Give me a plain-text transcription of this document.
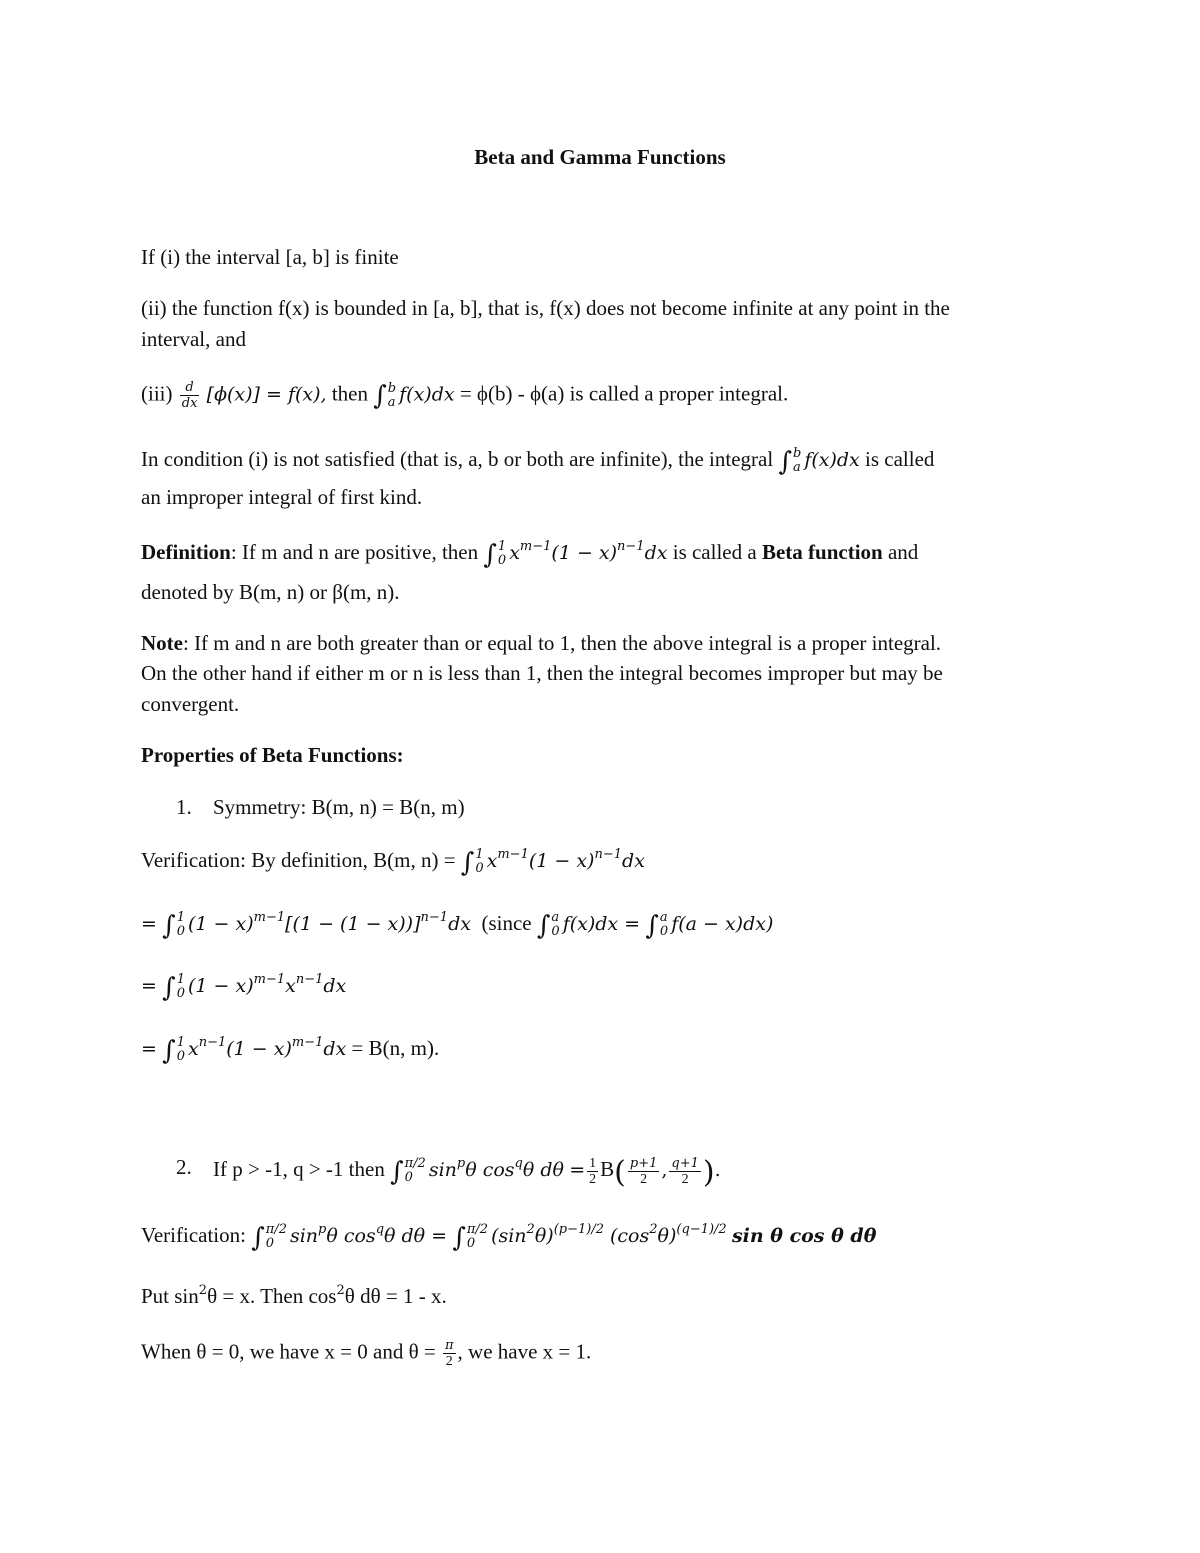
Beta and Gamma Functions
If (i) the interval [a, b] is finite
(ii) the function f(x) is bounded in [a, b], that is, f(x) does not become infinite at any point in the
interval, and
$(iii) \frac{d}{dx} [\phi(x)] = f(x)$, then ∫ b
a f(x)dx = ϕ(b) - ϕ(a) is called a proper integral.
In condition (i) is not satisfied (that is, a, b or both are infinite), the integral ∫ b
a f(x)dx is called
an improper integral of first kind.
Definition: If m and n are positive, then ∫ 1
0 $x^{m-1}(1 - x)^{n-1}dx$ is called a Beta function and
denoted by B(m, n) or β(m, n).
Note: If m and n are both greater than or equal to 1, then the above integral is a proper integral.
On the other hand if either m or n is less than 1, then the integral becomes improper but may be
convergent.
Properties of Beta Functions:
1. Symmetry: B(m, n) = B(n, m)
Verification: By definition, B(m, n) = ∫ 1
0 $x^{m-1}(1 - x)^{n-1}dx$
= ∫ 1
0 $(1 - x)^{m-1}[(1 - (1 - x))]^{n-1}dx$ (since ∫ a
0 f(x)dx = ∫ a
0 f(a − x)dx)
= ∫ 1
0 $(1 - x)^{m-1}x^{n-1}dx$
= ∫ 1
0 $x^{n-1}(1 - x)^{m-1}dx = B(n$, m).
2. If p > -1, q > -1 then ∫ π/2
0 $\sin^p\theta$ $\cos^q\theta$ $d\theta = \frac{1}{2} B( \frac{p+1}{2}$ , $\frac{q+1}{2}$ ).
Verification: ∫ π/2
0 $\sin^p\theta$ $\cos^q\theta$ dθ = ∫ π/2
0 $(\sin^2\theta)^{(p-1)/2}$ $(\cos^2\theta)^{(q-1)/2}$ sin θ cos θ dθ
Put $\sin^2\theta = x$. Then $\cos^2\theta$ dθ = 1 - x.
When θ = 0, we have x = 0 and $\theta = \frac{\pi}{2}$ , we have x = 1.
